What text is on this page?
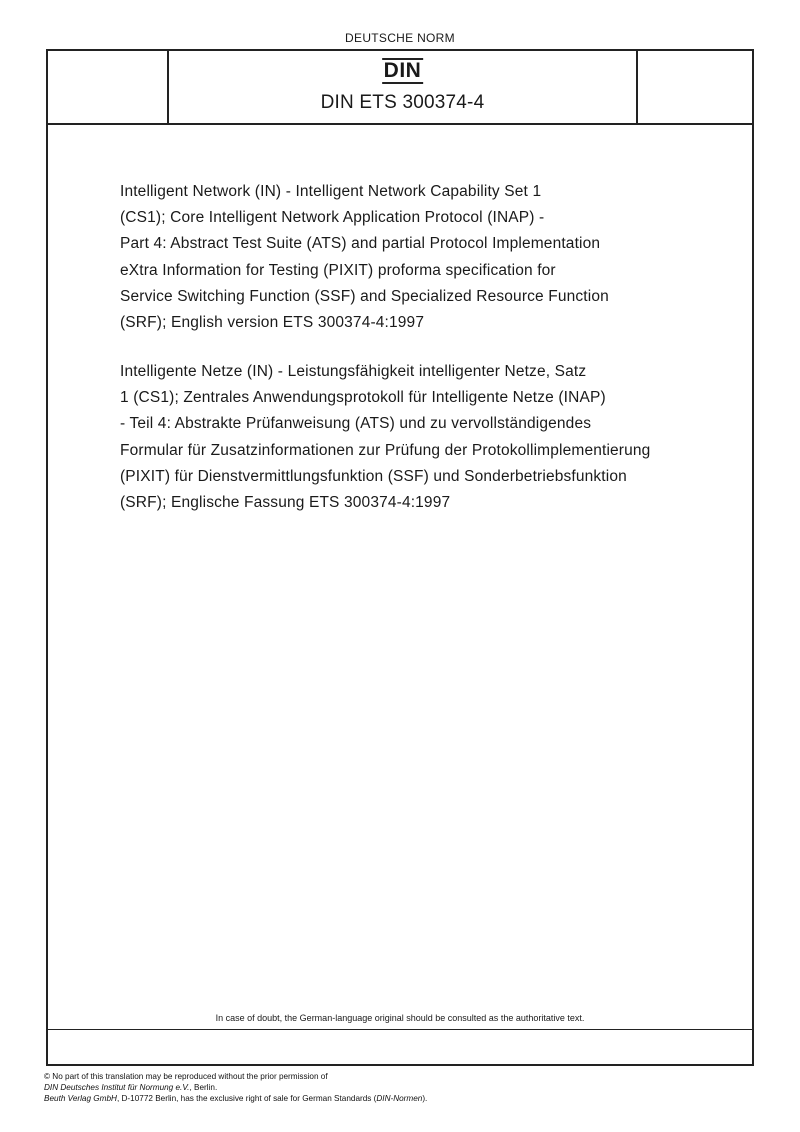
DEUTSCHE NORM
DIN
DIN ETS 300374-4
Intelligent Network (IN) - Intelligent Network Capability Set 1
(CS1); Core Intelligent Network Application Protocol (INAP) -
Part 4: Abstract Test Suite (ATS) and partial Protocol Implementation
eXtra Information for Testing (PIXIT) proforma specification for
Service Switching Function (SSF) and Specialized Resource Function
(SRF); English version ETS 300374-4:1997
Intelligente Netze (IN) - Leistungsfähigkeit intelligenter Netze, Satz
1 (CS1); Zentrales Anwendungsprotokoll für Intelligente Netze (INAP)
- Teil 4: Abstrakte Prüfanweisung (ATS) und zu vervollständigendes
Formular für Zusatzinformationen zur Prüfung der Protokollimplementierung
(PIXIT) für Dienstvermittlungsfunktion (SSF) und Sonderbetriebsfunktion
(SRF); Englische Fassung ETS 300374-4:1997
In case of doubt, the German-language original should be consulted as the authoritative text.
© No part of this translation may be reproduced without the prior permission of
DIN Deutsches Institut für Normung e.V., Berlin.
Beuth Verlag GmbH, D-10772 Berlin, has the exclusive right of sale for German Standards (DIN-Normen).
